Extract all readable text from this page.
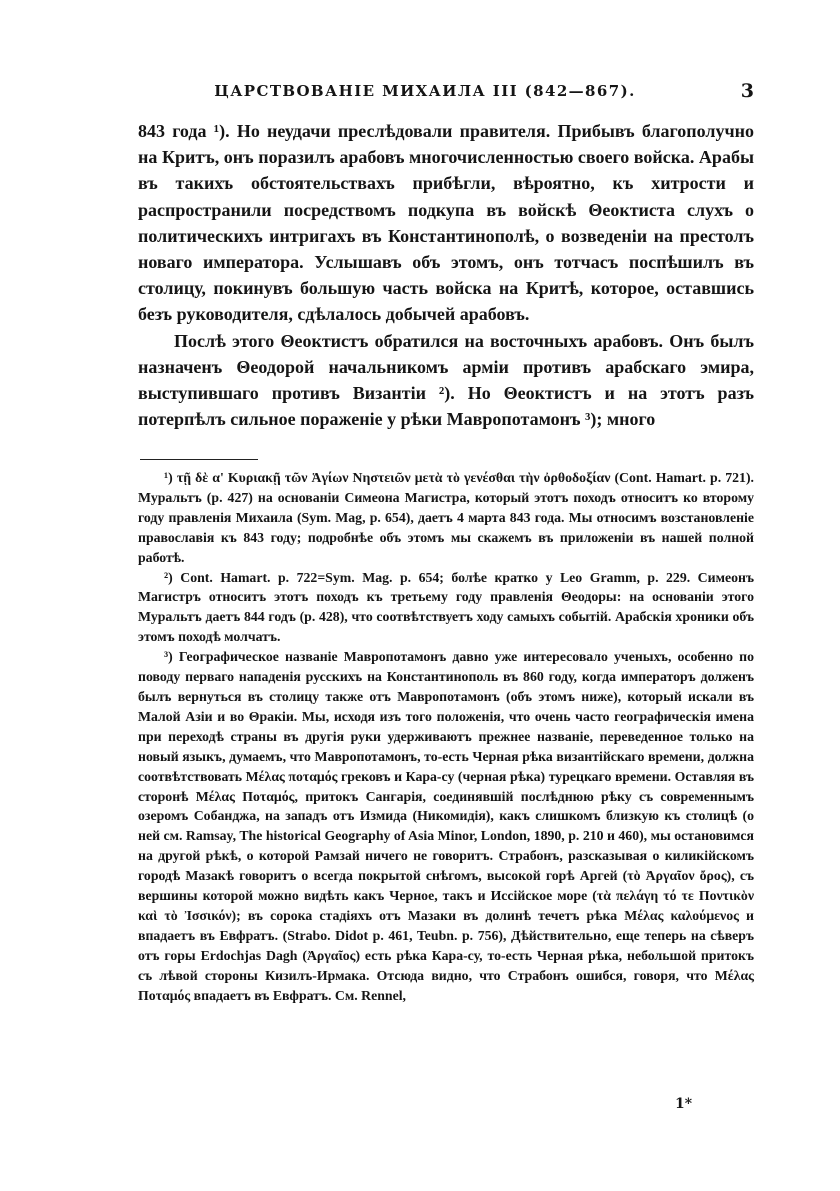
ЦАРСТВОВАНІЕ МИХАИЛА III (842—867).	3

843 года ¹). Но неудачи преслѣдовали правителя. Прибывъ благополучно на Критъ, онъ поразилъ арабовъ многочисленностью своего войска. Арабы въ такихъ обстоятельствахъ прибѣгли, вѣроятно, къ хитрости и распространили посредствомъ подкупа въ войскѣ Θеоктиста слухъ о политическихъ интригахъ въ Константинополѣ, о возведеніи на престолъ новаго императора. Услышавъ объ этомъ, онъ тотчасъ поспѣшилъ въ столицу, покинувъ большую часть войска на Критѣ, которое, оставшись безъ руководителя, сдѣлалось добычей арабовъ.

Послѣ этого Θеоктистъ обратился на восточныхъ арабовъ. Онъ былъ назначенъ Θеодорой начальникомъ арміи противъ арабскаго эмира, выступившаго противъ Византіи ²). Но Θеоктистъ и на этотъ разъ потерпѣлъ сильное пораженіе у рѣки Мавропотамонъ ³); много

¹) τῇ δὲ α' Κυριακῇ τῶν Ἁγίων Νηστειῶν μετὰ τὸ γενέσθαι τὴν ὀρθοδοξίαν (Cont. Hamart. p. 721). Муральтъ (p. 427) на основаніи Симеона Магистра, который этотъ походъ относитъ ко второму году правленія Михаила (Sym. Mag, p. 654), даетъ 4 марта 843 года. Мы относимъ возстановленіе православія къ 843 году; подробнѣе объ этомъ мы скажемъ въ приложеніи въ нашей полной работѣ.

²) Cont. Hamart. p. 722=Sym. Mag. p. 654; болѣе кратко у Leo Gramm, p. 229. Симеонъ Магистръ относитъ этотъ походъ къ третьему году правленія Θеодоры: на основаніи этого Муральтъ даетъ 844 годъ (p. 428), что соотвѣтствуетъ ходу самыхъ событій. Арабскія хроники объ этомъ походѣ молчатъ.

³) Географическое названіе Мавропотамонъ давно уже интересовало ученыхъ, особенно по поводу перваго нападенія русскихъ на Константинополь въ 860 году, когда императоръ долженъ былъ вернуться въ столицу также отъ Мавропотамонъ (объ этомъ ниже), который искали въ Малой Азіи и во Θракіи. Мы, исходя изъ того положенія, что очень часто географическія имена при переходѣ страны въ другія руки удерживаютъ прежнее названіе, переведенное только на новый языкъ, думаемъ, что Мавропотамонъ, то-есть Черная рѣка византійскаго времени, должна соотвѣтствовать Μέλας ποταμός грековъ и Кара-су (черная рѣка) турецкаго времени. Оставляя въ сторонѣ Μέλας Ποταμός, притокъ Сангарія, соединявшій послѣднюю рѣку съ современнымъ озеромъ Собанджа, на западъ отъ Измида (Никомидія), какъ слишкомъ близкую къ столицѣ (о ней см. Ramsay, The historical Geography of Asia Minor, London, 1890, p. 210 и 460), мы остановимся на другой рѣкѣ, о которой Рамзай ничего не говоритъ. Страбонъ, разсказывая о киликійскомъ городѣ Мазакѣ говоритъ о всегда покрытой снѣгомъ, высокой горѣ Аргей (τὸ Ἀργαῖον ὄρος), съ вершины которой можно видѣть какъ Черное, такъ и Иссійское море (τὰ πελάγη τό τε Ποντικὸν καὶ τὸ Ἰσσικόν); въ сорока стадіяхъ отъ Мазаки въ долинѣ течетъ рѣка Μέλας καλούμενος и впадаетъ въ Евфратъ. (Strabo. Didot p. 461, Teubn. p. 756), Дѣйствительно, еще теперь на сѣверъ отъ горы Erdochjas Dagh (Ἀργαῖος) есть рѣка Кара-су, то-есть Черная рѣка, небольшой притокъ съ лѣвой стороны Кизилъ-Ирмака. Отсюда видно, что Страбонъ ошибся, говоря, что Μέλας Ποταμός впадаетъ въ Евфратъ. См. Rennel,

1*
